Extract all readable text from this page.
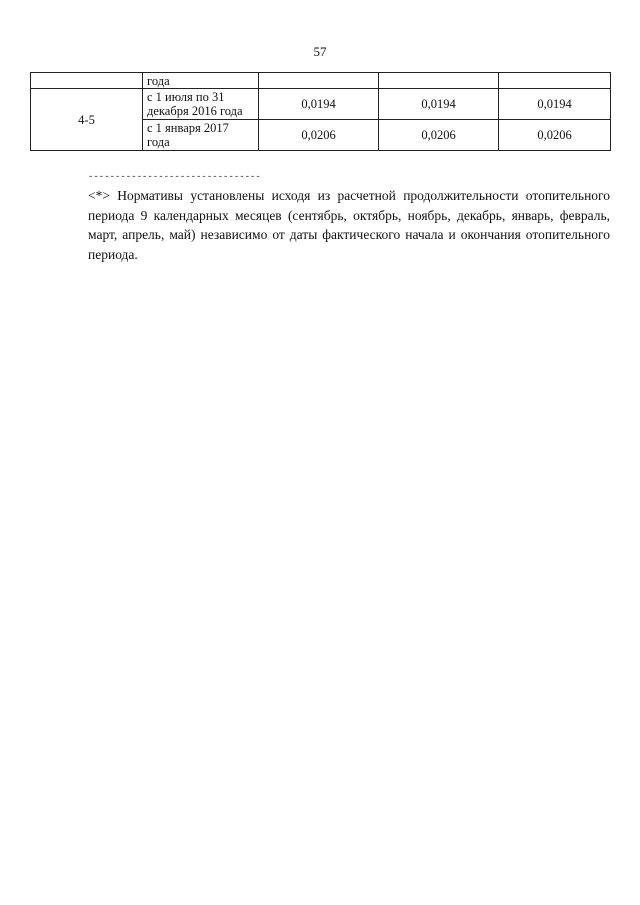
57
	года			
4-5	с 1 июля по 31 декабря 2016 года	0,0194	0,0194	0,0194
	с 1 января 2017 года	0,0206	0,0206	0,0206
--------------------------------
<*> Нормативы установлены исходя из расчетной продолжительности отопительного периода 9 календарных месяцев (сентябрь, октябрь, ноябрь, декабрь, январь, февраль, март, апрель, май) независимо от даты фактического начала и окончания отопительного периода.
